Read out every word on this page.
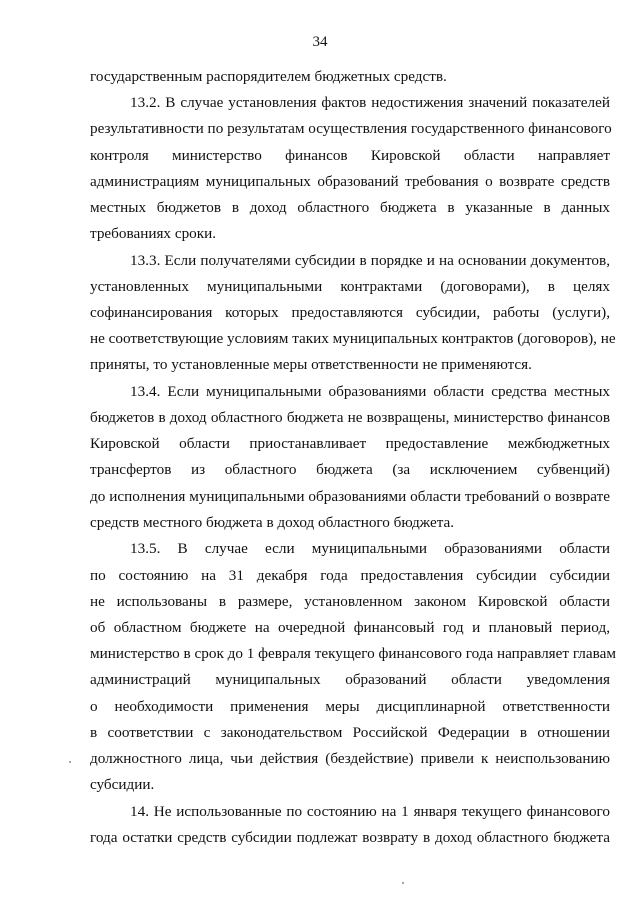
34
государственным распорядителем бюджетных средств.
13.2. В случае установления фактов недостижения значений показателей
результативности по результатам осуществления государственного финансового
контроля министерство финансов Кировской области направляет
администрациям муниципальных образований требования о возврате средств
местных бюджетов в доход областного бюджета в указанные в данных
требованиях сроки.
13.3. Если получателями субсидии в порядке и на основании документов,
установленных муниципальными контрактами (договорами), в целях
софинансирования которых предоставляются субсидии, работы (услуги),
не соответствующие условиям таких муниципальных контрактов (договоров), не
приняты, то установленные меры ответственности не применяются.
13.4. Если муниципальными образованиями области средства местных
бюджетов в доход областного бюджета не возвращены, министерство финансов
Кировской области приостанавливает предоставление межбюджетных
трансфертов из областного бюджета (за исключением субвенций)
до исполнения муниципальными образованиями области требований о возврате
средств местного бюджета в доход областного бюджета.
13.5. В случае если муниципальными образованиями области
по состоянию на 31 декабря года предоставления субсидии субсидии
не использованы в размере, установленном законом Кировской области
об областном бюджете на очередной финансовый год и плановый период,
министерство в срок до 1 февраля текущего финансового года направляет главам
администраций муниципальных образований области уведомления
о необходимости применения меры дисциплинарной ответственности
в соответствии с законодательством Российской Федерации в отношении
должностного лица, чьи действия (бездействие) привели к неиспользованию
субсидии.
14. Не использованные по состоянию на 1 января текущего финансового
года остатки средств субсидии подлежат возврату в доход областного бюджета
